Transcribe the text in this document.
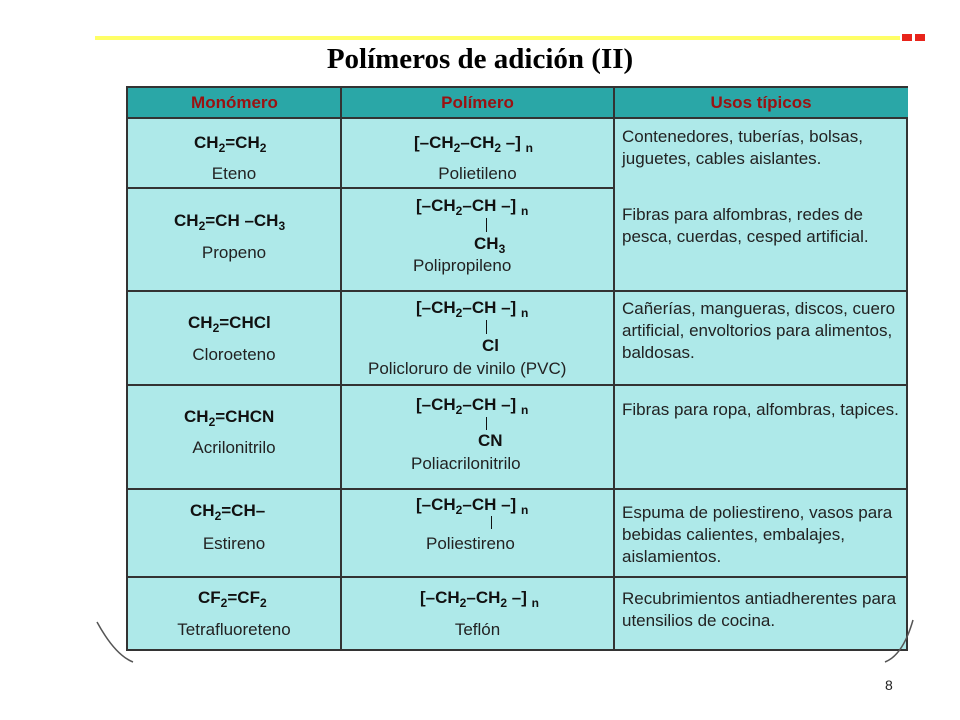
Polímeros de adición (II)
Monómero	Polímero	Usos típicos
$CH_2=CH_2$
Eteno
[$-CH_2-CH_2$ –] $_n$
Polietileno
Contenedores, tuberías, bolsas, juguetes, cables aislantes.
$CH_2=CH$ $-CH_3$
Propeno
[$-CH_2-CH$ –] $_n$
$CH_3$
Polipropileno
Fibras para alfombras, redes de pesca, cuerdas, cesped artificial.
$CH_2=CHCl$
Cloroeteno
[$-CH_2-CH$ –] $_n$
Cl
Policloruro de vinilo (PVC)
Cañerías, mangueras, discos, cuero artificial, envoltorios para alimentos, baldosas.
$CH_2=CHCN$
Acrilonitrilo
[$-CH_2-CH$ –] $_n$
CN
Poliacrilonitrilo
Fibras para ropa, alfombras, tapices.
$CH_2=CH-$
Estireno
[$-CH_2-CH$ –] $_n$
Poliestireno
Espuma de poliestireno, vasos para bebidas calientes, embalajes, aislamientos.
$CF_2=CF_2$
Tetrafluoreteno
[$-CH_2-CH_2$ –] $_n$
Teflón
Recubrimientos antiadherentes para utensilios de cocina.
8
